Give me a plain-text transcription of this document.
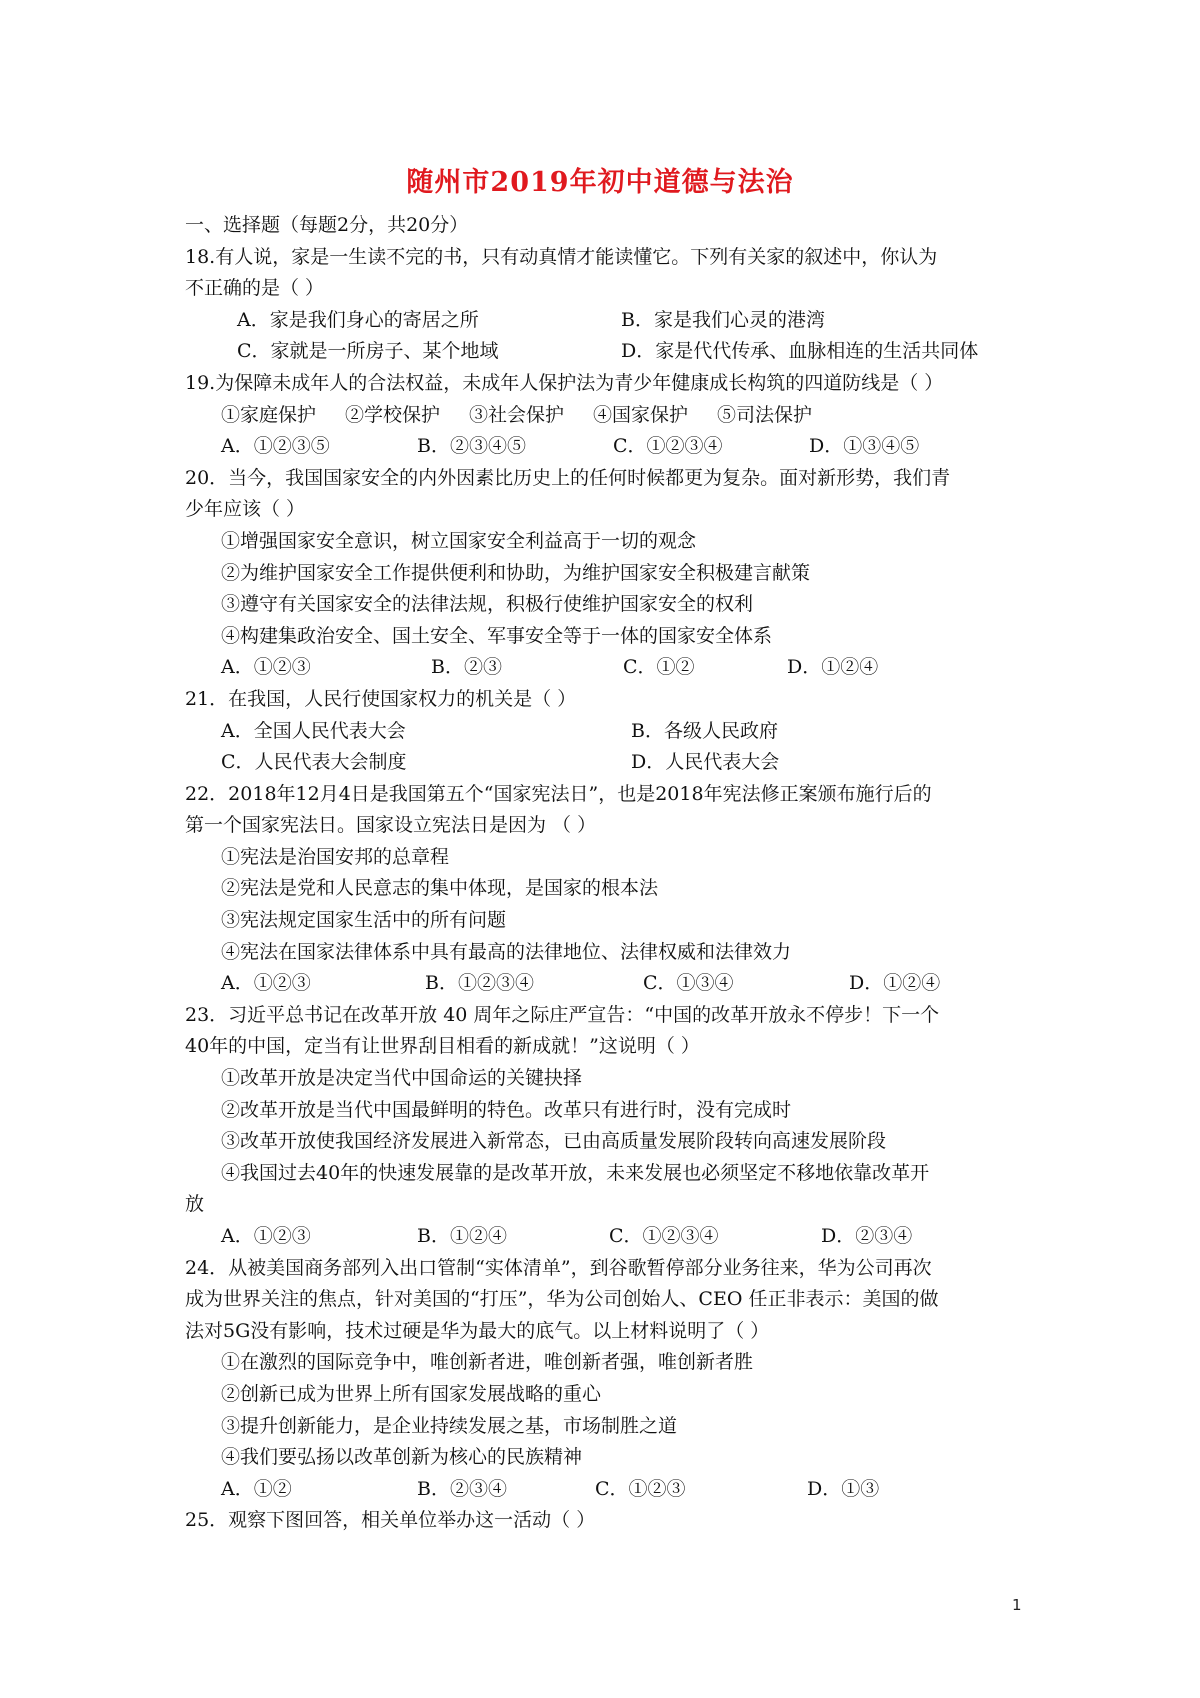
随州市2019年初中道德与法治
一、选择题（每题2分，共20分）
18.有人说，家是一生读不完的书，只有动真情才能读懂它。下列有关家的叙述中，你认为
不正确的是（ ）
A．家是我们身心的寄居之所	B．家是我们心灵的港湾
C．家就是一所房子、某个地域	D．家是代代传承、血脉相连的生活共同体
19.为保障未成年人的合法权益，未成年人保护法为青少年健康成长构筑的四道防线是（ ）
①家庭保护	②学校保护	③社会保护	④国家保护	⑤司法保护
A．①②③⑤	B．②③④⑤	C．①②③④	D．①③④⑤
20．当今，我国国家安全的内外因素比历史上的任何时候都更为复杂。面对新形势，我们青
少年应该（ ）
①增强国家安全意识，树立国家安全利益高于一切的观念
②为维护国家安全工作提供便利和协助，为维护国家安全积极建言献策
③遵守有关国家安全的法律法规，积极行使维护国家安全的权利
④构建集政治安全、国土安全、军事安全等于一体的国家安全体系
A．①②③	B．②③	C．①②	D．①②④
21．在我国，人民行使国家权力的机关是（ ）
A．全国人民代表大会	B．各级人民政府
C．人民代表大会制度	D．人民代表大会
22．2018年12月4日是我国第五个“国家宪法日”，也是2018年宪法修正案颁布施行后的
第一个国家宪法日。国家设立宪法日是因为 （ ）
①宪法是治国安邦的总章程
②宪法是党和人民意志的集中体现，是国家的根本法
③宪法规定国家生活中的所有问题
④宪法在国家法律体系中具有最高的法律地位、法律权威和法律效力
A．①②③	B．①②③④	C．①③④	D．①②④
23．习近平总书记在改革开放 40 周年之际庄严宣告：“中国的改革开放永不停步！下一个
40年的中国，定当有让世界刮目相看的新成就！”这说明（ ）
①改革开放是决定当代中国命运的关键抉择
②改革开放是当代中国最鲜明的特色。改革只有进行时，没有完成时
③改革开放使我国经济发展进入新常态，已由高质量发展阶段转向高速发展阶段
④我国过去40年的快速发展靠的是改革开放，未来发展也必须坚定不移地依靠改革开
放
A．①②③	B．①②④	C．①②③④	D．②③④
24．从被美国商务部列入出口管制“实体清单”，到谷歌暂停部分业务往来，华为公司再次
成为世界关注的焦点，针对美国的“打压”，华为公司创始人、CEO 任正非表示：美国的做
法对5G没有影响，技术过硬是华为最大的底气。以上材料说明了（ ）
①在激烈的国际竞争中，唯创新者进，唯创新者强，唯创新者胜
②创新已成为世界上所有国家发展战略的重心
③提升创新能力，是企业持续发展之基，市场制胜之道
④我们要弘扬以改革创新为核心的民族精神
A．①②	B．②③④	C．①②③	D．①③
25．观察下图回答，相关单位举办这一活动（ ）
1
